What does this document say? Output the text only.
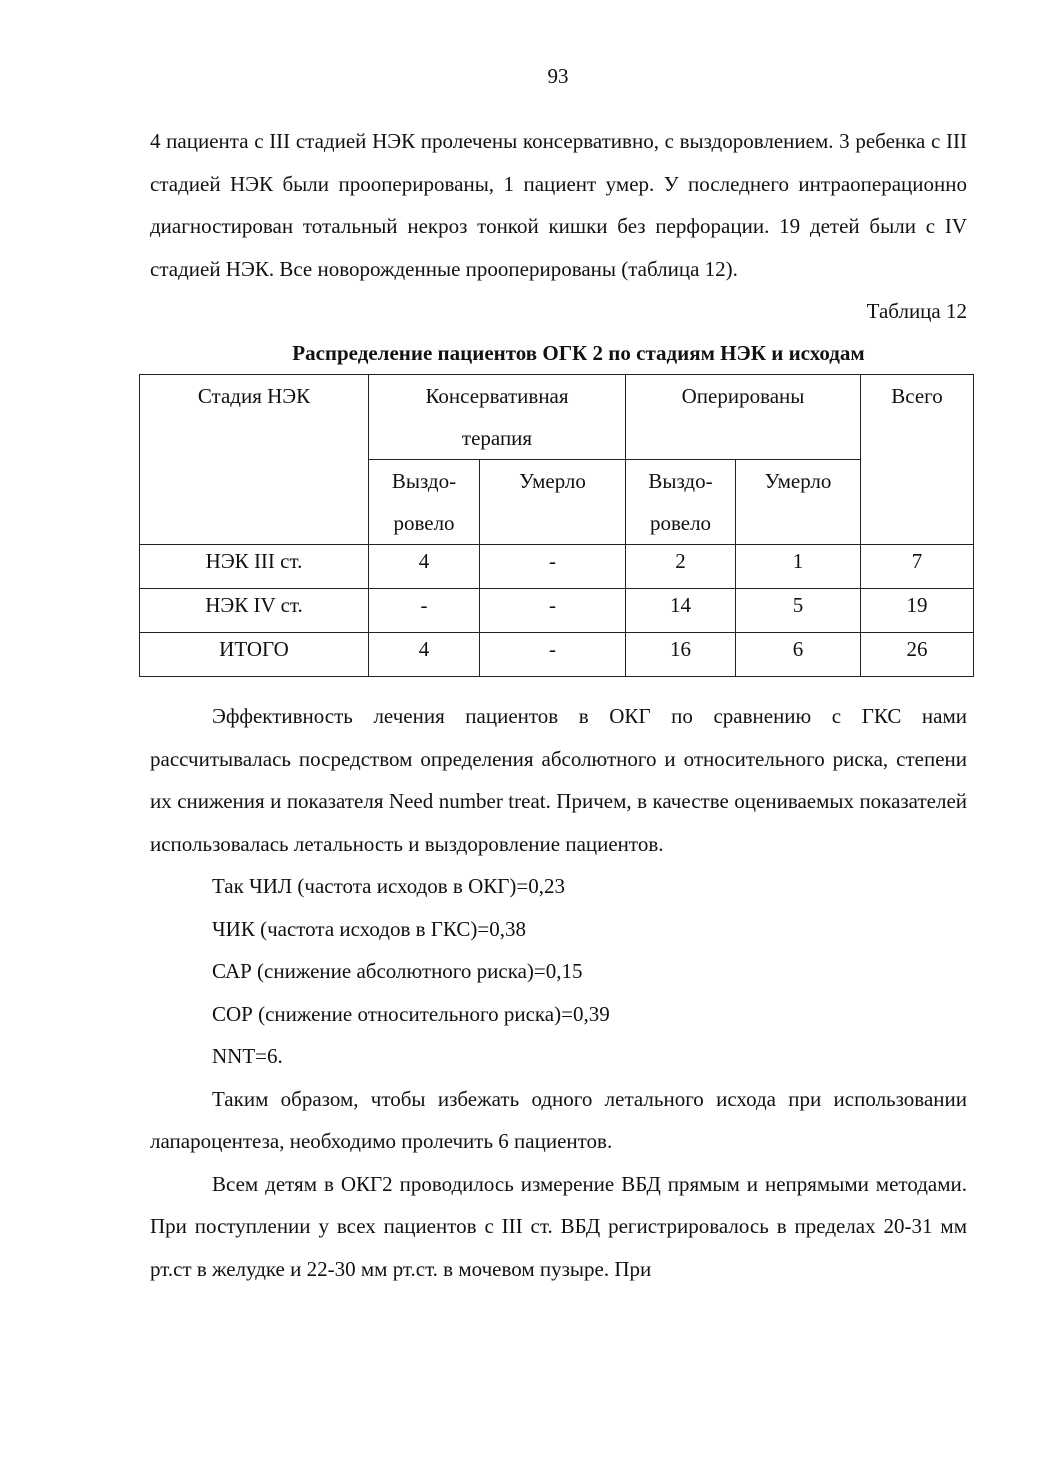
93

4 пациента с III стадией НЭК пролечены консервативно, с выздоровлением. 3 ребенка с III стадией НЭК были прооперированы, 1 пациент умер. У последнего интраоперационно диагностирован тотальный некроз тонкой кишки без перфорации. 19 детей были с IV стадией НЭК. Все новорожденные прооперированы (таблица 12).

Таблица 12
Распределение пациентов ОГК 2 по стадиям НЭК и исходам
Стадия НЭК	Консервативная терапия		Оперированы		Всего
	Выздо-ровело	Умерло	Выздо-ровело	Умерло	
НЭК III ст.	4	-	2	1	7
НЭК IV ст.	-	-	14	5	19
ИТОГО	4	-	16	6	26

Эффективность лечения пациентов в ОКГ по сравнению с ГКС нами рассчитывалась посредством определения абсолютного и относительного риска, степени их снижения и показателя Need number treat. Причем, в качестве оцениваемых показателей использовалась летальность и выздоровление пациентов.

Так ЧИЛ (частота исходов в ОКГ)=0,23

ЧИК (частота исходов в ГКС)=0,38

САР (снижение абсолютного риска)=0,15

СОР (снижение относительного риска)=0,39

NNT=6.

Таким образом, чтобы избежать одного летального исхода при использовании лапароцентеза, необходимо пролечить 6 пациентов.

Всем детям в ОКГ2 проводилось измерение ВБД прямым и непрямыми методами. При поступлении у всех пациентов с III ст. ВБД регистрировалось в пределах 20-31 мм рт.ст в желудке и 22-30 мм рт.ст. в мочевом пузыре. При
